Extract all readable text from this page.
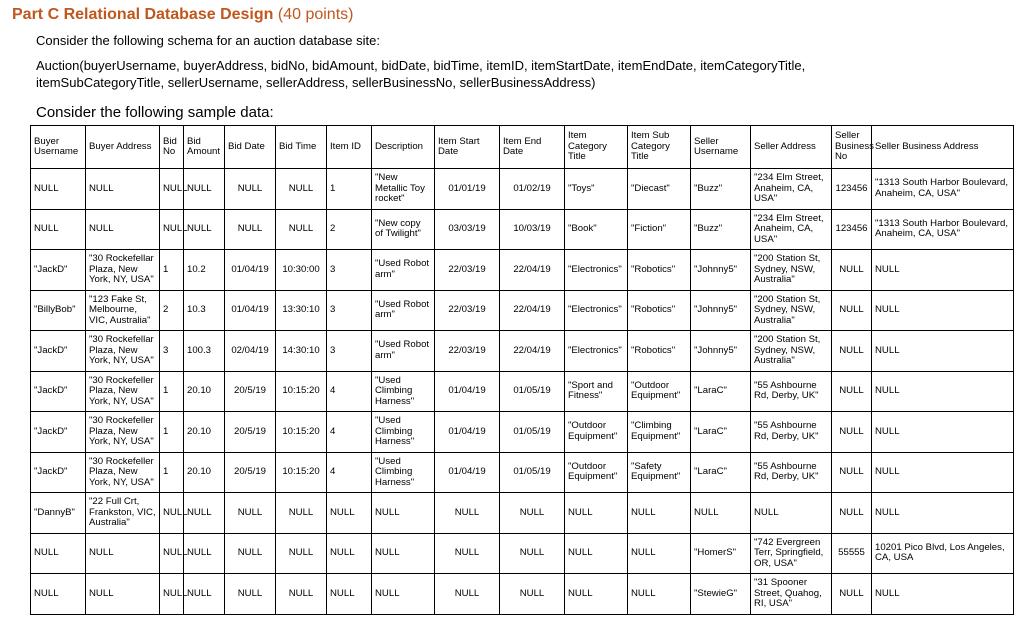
Part C Relational Database Design (40 points)
Consider the following schema for an auction database site:
Auction(buyerUsername, buyerAddress, bidNo, bidAmount, bidDate, bidTime, itemID, itemStartDate, itemEndDate, itemCategoryTitle, itemSubCategoryTitle, sellerUsername, sellerAddress, sellerBusinessNo, sellerBusinessAddress)
Consider the following sample data:
Buyer Username	Buyer Address	Bid No	Bid Amount	Bid Date	Bid Time	Item ID	Description	Item Start Date	Item End Date	Item Category Title	Item Sub Category Title	Seller Username	Seller Address	Seller Business No	Seller Business Address
NULL	NULL	NULL	NULL	NULL	NULL	1	"New Metallic Toy rocket"	01/01/19	01/02/19	"Toys"	"Diecast"	"Buzz"	"234 Elm Street, Anaheim, CA, USA"	123456	"1313 South Harbor Boulevard, Anaheim, CA, USA"
NULL	NULL	NULL	NULL	NULL	NULL	2	"New copy of Twilight"	03/03/19	10/03/19	"Book"	"Fiction"	"Buzz"	"234 Elm Street, Anaheim, CA, USA"	123456	"1313 South Harbor Boulevard, Anaheim, CA, USA"
"JackD"	"30 Rockefellar Plaza, New York, NY, USA"	1	10.2	01/04/19	10:30:00	3	"Used Robot arm"	22/03/19	22/04/19	"Electronics"	"Robotics"	"Johnny5"	"200 Station St, Sydney, NSW, Australia"	NULL	NULL
"BillyBob"	"123 Fake St, Melbourne, VIC, Australia"	2	10.3	01/04/19	13:30:10	3	"Used Robot arm"	22/03/19	22/04/19	"Electronics"	"Robotics"	"Johnny5"	"200 Station St, Sydney, NSW, Australia"	NULL	NULL
"JackD"	"30 Rockefellar Plaza, New York, NY, USA"	3	100.3	02/04/19	14:30:10	3	"Used Robot arm"	22/03/19	22/04/19	"Electronics"	"Robotics"	"Johnny5"	"200 Station St, Sydney, NSW, Australia"	NULL	NULL
"JackD"	"30 Rockefeller Plaza, New York, NY, USA"	1	20.10	20/5/19	10:15:20	4	"Used Climbing Harness"	01/04/19	01/05/19	"Sport and Fitness"	"Outdoor Equipment"	"LaraC"	"55 Ashbourne Rd, Derby, UK"	NULL	NULL
"JackD"	"30 Rockefeller Plaza, New York, NY, USA"	1	20.10	20/5/19	10:15:20	4	"Used Climbing Harness"	01/04/19	01/05/19	"Outdoor Equipment"	"Climbing Equipment"	"LaraC"	"55 Ashbourne Rd, Derby, UK"	NULL	NULL
"JackD"	"30 Rockefeller Plaza, New York, NY, USA"	1	20.10	20/5/19	10:15:20	4	"Used Climbing Harness"	01/04/19	01/05/19	"Outdoor Equipment"	"Safety Equipment"	"LaraC"	"55 Ashbourne Rd, Derby, UK"	NULL	NULL
"DannyB"	"22 Full Crt, Frankston, VIC, Australia"	NULL	NULL	NULL	NULL	NULL	NULL	NULL	NULL	NULL	NULL	NULL	NULL	NULL	NULL
NULL	NULL	NULL	NULL	NULL	NULL	NULL	NULL	NULL	NULL	NULL	NULL	"HomerS"	"742 Evergreen Terr, Springfield, OR, USA"	55555	10201 Pico Blvd, Los Angeles, CA, USA
NULL	NULL	NULL	NULL	NULL	NULL	NULL	NULL	NULL	NULL	NULL	NULL	"StewieG"	"31 Spooner Street, Quahog, RI, USA"	NULL	NULL
